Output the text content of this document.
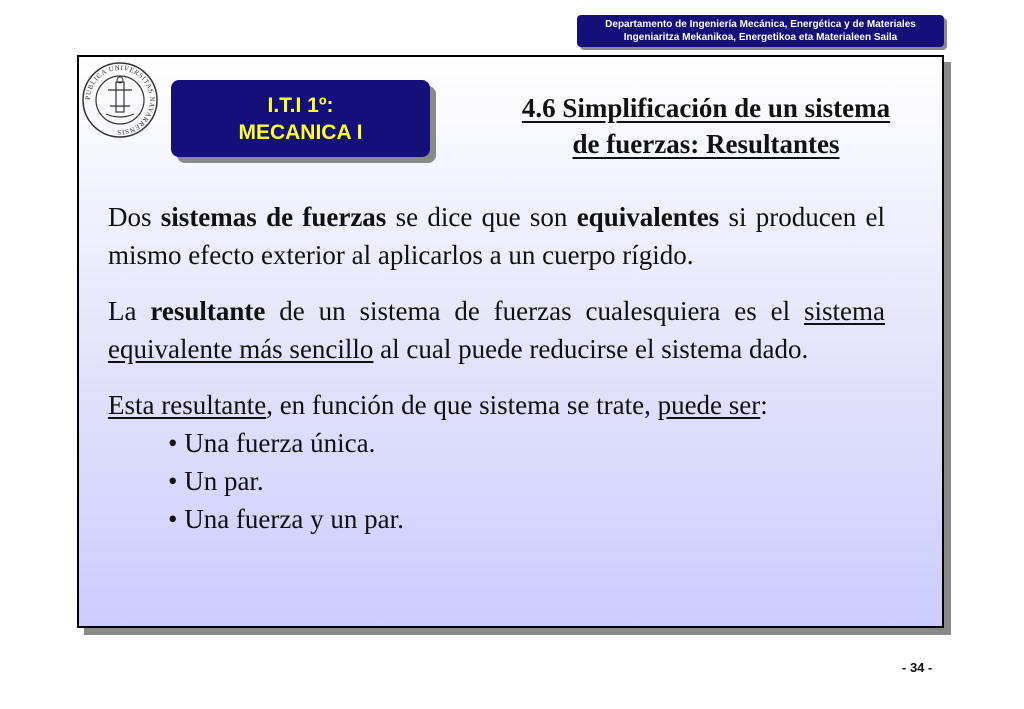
Departamento de Ingeniería Mecánica, Energética y de Materiales
Ingeniaritza Mekanikoa, Energetikoa eta Materialeen Saila
PUBLICA UNIVERSITAS NAVARRENSIS
I.T.I 1º:
MECANICA I
4.6 Simplificación de un sistema
de fuerzas: Resultantes

Dos sistemas de fuerzas se dice que son equivalentes si producen el mismo efecto exterior al aplicarlos a un cuerpo rígido.

La resultante de un sistema de fuerzas cualesquiera es el sistema equivalente más sencillo al cual puede reducirse el sistema dado.

Esta resultante, en función de que sistema se trate, puede ser:
• Una fuerza única.
• Un par.
• Una fuerza y un par.
- 34 -
